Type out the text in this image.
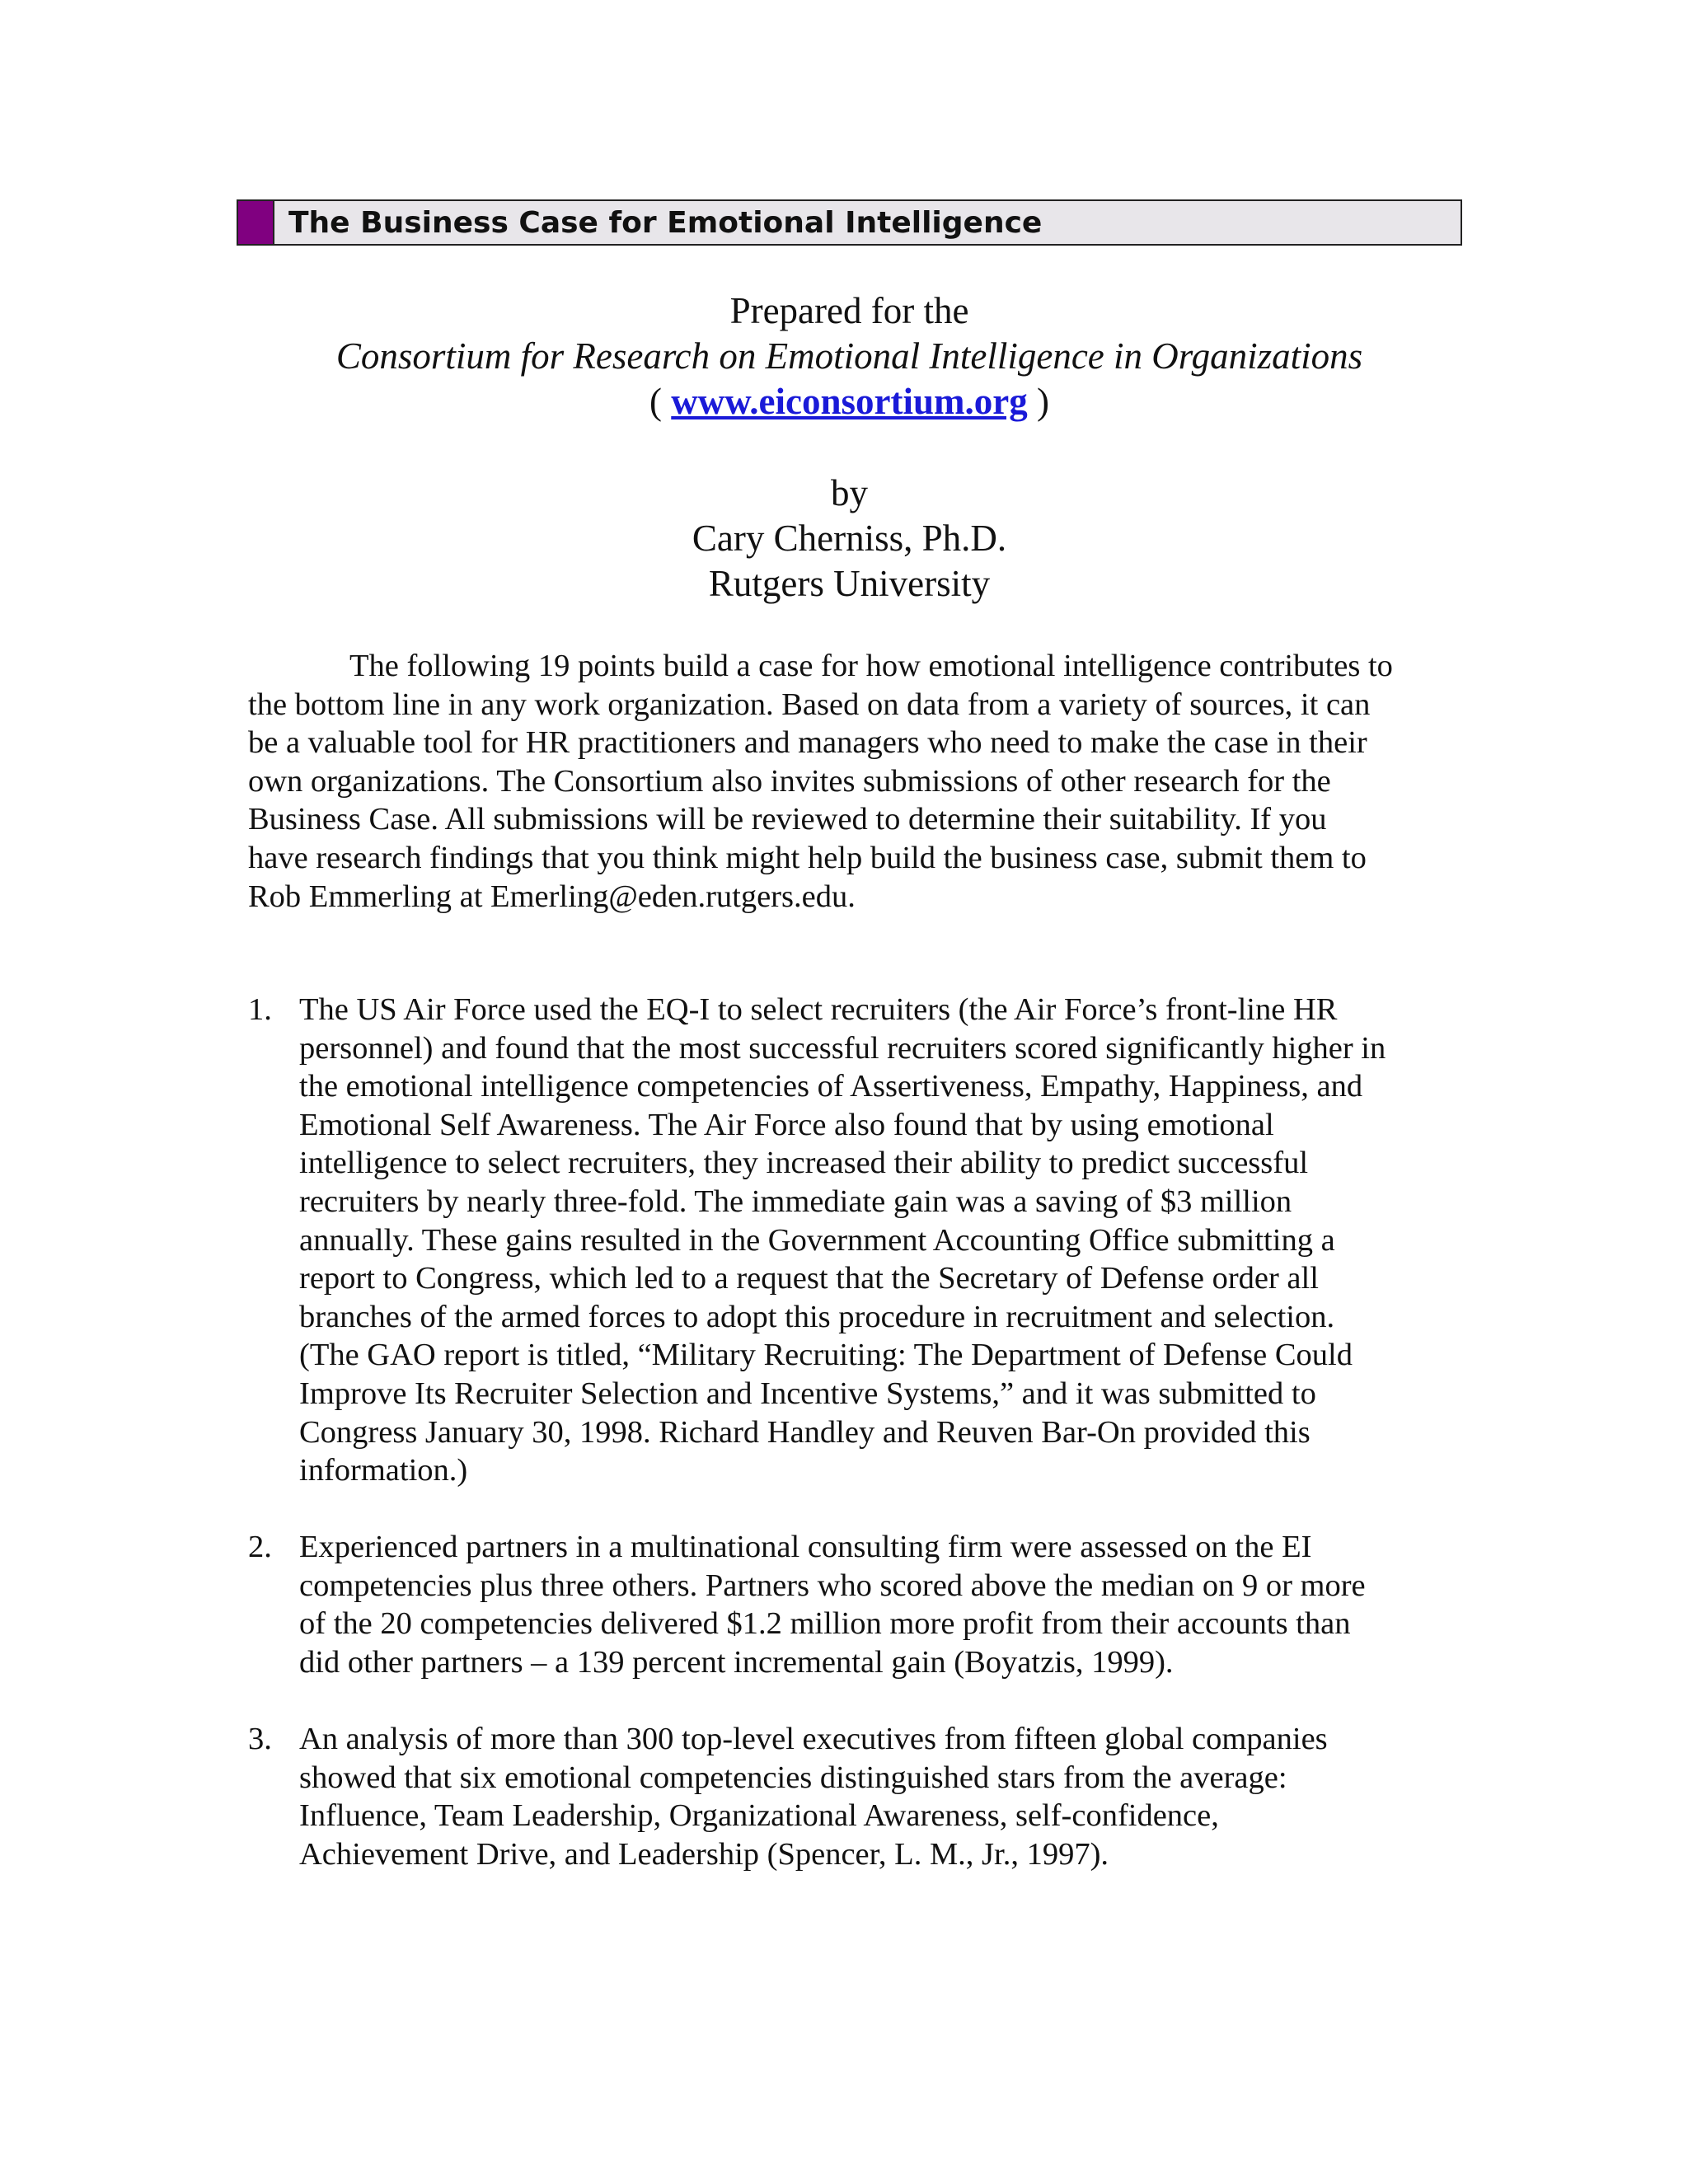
The Business Case for Emotional Intelligence
Prepared for the
Consortium for Research on Emotional Intelligence in Organizations
( www.eiconsortium.org )
by
Cary Cherniss, Ph.D.
Rutgers University
The following 19 points build a case for how emotional intelligence contributes to
the bottom line in any work organization. Based on data from a variety of sources, it can
be a valuable tool for HR practitioners and managers who need to make the case in their
own organizations. The Consortium also invites submissions of other research for the
Business Case. All submissions will be reviewed to determine their suitability. If you
have research findings that you think might help build the business case, submit them to
Rob Emmerling at Emerling@eden.rutgers.edu.
1. The US Air Force used the EQ-I to select recruiters (the Air Force’s front-line HR
personnel) and found that the most successful recruiters scored significantly higher in
the emotional intelligence competencies of Assertiveness, Empathy, Happiness, and
Emotional Self Awareness. The Air Force also found that by using emotional
intelligence to select recruiters, they increased their ability to predict successful
recruiters by nearly three-fold. The immediate gain was a saving of $3 million
annually. These gains resulted in the Government Accounting Office submitting a
report to Congress, which led to a request that the Secretary of Defense order all
branches of the armed forces to adopt this procedure in recruitment and selection.
(The GAO report is titled, “Military Recruiting: The Department of Defense Could
Improve Its Recruiter Selection and Incentive Systems,” and it was submitted to
Congress January 30, 1998. Richard Handley and Reuven Bar-On provided this
information.)
2. Experienced partners in a multinational consulting firm were assessed on the EI
competencies plus three others. Partners who scored above the median on 9 or more
of the 20 competencies delivered $1.2 million more profit from their accounts than
did other partners – a 139 percent incremental gain (Boyatzis, 1999).
3. An analysis of more than 300 top-level executives from fifteen global companies
showed that six emotional competencies distinguished stars from the average:
Influence, Team Leadership, Organizational Awareness, self-confidence,
Achievement Drive, and Leadership (Spencer, L. M., Jr., 1997).
